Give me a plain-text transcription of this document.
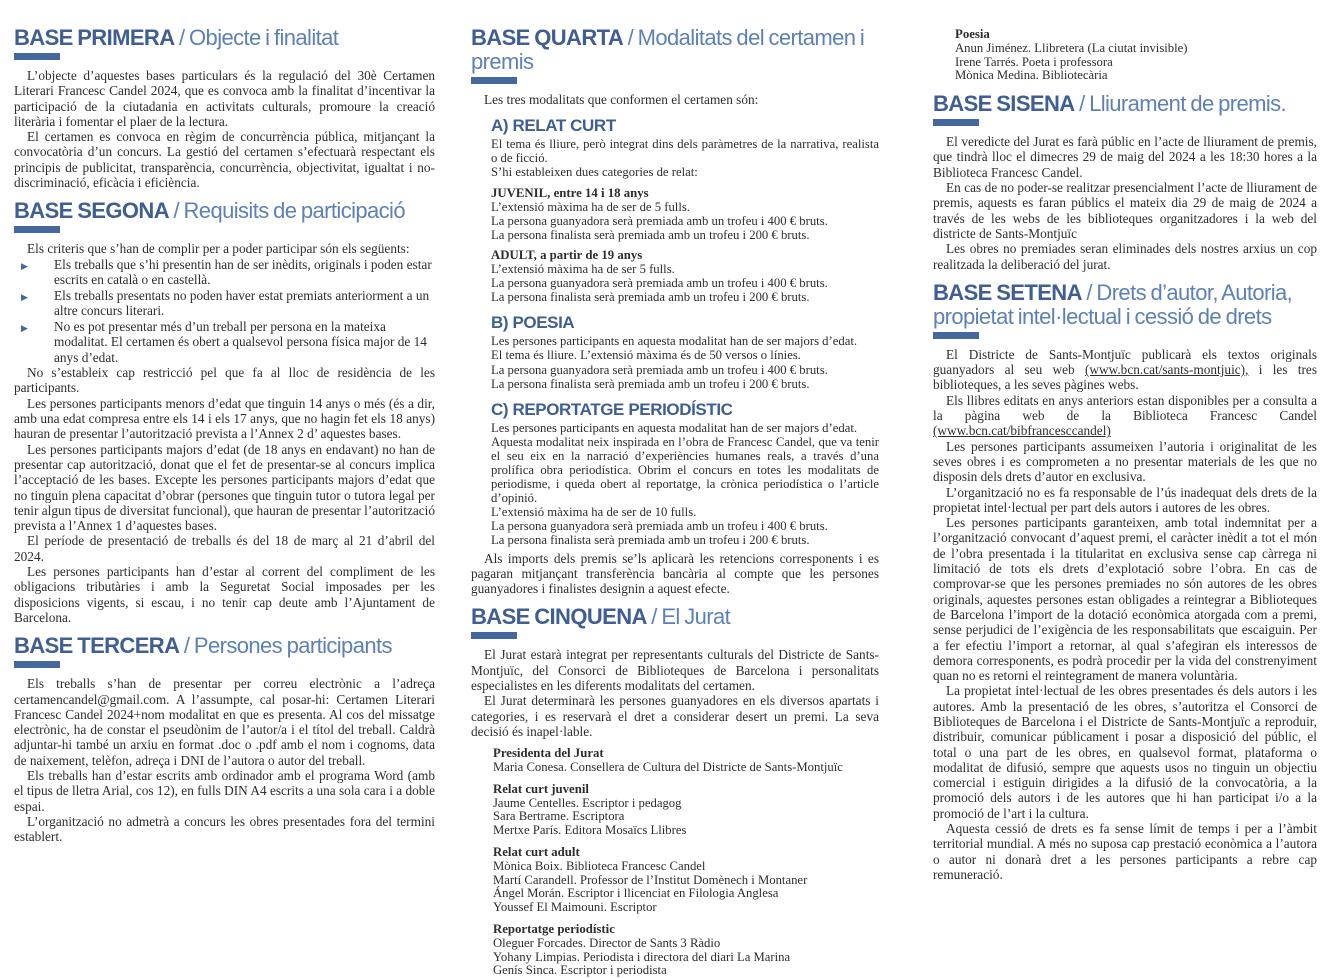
BASE PRIMERA / Objecte i finalitat

L’objecte d’aquestes bases particulars és la regulació del 30è Certamen Literari Francesc Candel 2024, que es convoca amb la finalitat d’incentivar la participació de la ciutadania en activitats culturals, promoure la creació literària i fomentar el plaer de la lectura.

El certamen es convoca en règim de concurrència pública, mitjançant la convocatòria d’un concurs. La gestió del certamen s’efectuarà respectant els principis de publicitat, transparència, concurrència, objectivitat, igualtat i no-discriminació, eficàcia i eficiència.

BASE SEGONA / Requisits de participació

Els criteris que s’han de complir per a poder participar són els següents:

▶	Els treballs que s’hi presentin han de ser inèdits, originals i poden estar escrits en català o en castellà.
▶	Els treballs presentats no poden haver estat premiats anteriorment a un altre concurs literari.
▶	No es pot presentar més d’un treball per persona en la mateixa modalitat. El certamen és obert a qualsevol persona física major de 14 anys d’edat.

No s’estableix cap restricció pel que fa al lloc de residència de les participants.

Les persones participants menors d’edat que tinguin 14 anys o més (és a dir, amb una edat compresa entre els 14 i els 17 anys, que no hagin fet els 18 anys) hauran de presentar l’autorització prevista a l’Annex 2 d’ aquestes bases.

Les persones participants majors d’edat (de 18 anys en endavant) no han de presentar cap autorització, donat que el fet de presentar-se al concurs implica l’acceptació de les bases. Excepte les persones participants majors d’edat que no tinguin plena capacitat d’obrar (persones que tinguin tutor o tutora legal per tenir algun tipus de diversitat funcional), que hauran de presentar l’autorització prevista a l’Annex 1 d’aquestes bases.

El període de presentació de treballs és del 18 de març al 21 d’abril del 2024.

Les persones participants han d’estar al corrent del compliment de les obligacions tributàries i amb la Seguretat Social imposades per les disposicions vigents, si escau, i no tenir cap deute amb l’Ajuntament de Barcelona.

BASE TERCERA / Persones participants

Els treballs s’han de presentar per correu electrònic a l’adreça certamencandel@gmail.com. A l’assumpte, cal posar-hi: Certamen Literari Francesc Candel 2024+nom modalitat en que es presenta. Al cos del missatge electrònic, ha de constar el pseudònim de l’autor/a i el títol del treball. Caldrà adjuntar-hi també un arxiu en format .doc o .pdf amb el nom i cognoms, data de naixement, telèfon, adreça i DNI de l’autora o autor del treball.

Els treballs han d’estar escrits amb ordinador amb el programa Word (amb el tipus de lletra Arial, cos 12), en fulls DIN A4 escrits a una sola cara i a doble espai.

L’organització no admetrà a concurs les obres presentades fora del termini establert.

BASE QUARTA / Modalitats del certamen i premis

Les tres modalitats que conformen el certamen són:

A) RELAT CURT

El tema és lliure, però integrat dins dels paràmetres de la narrativa, realista o de ficció.

S’hi estableixen dues categories de relat:

JUVENIL, entre 14 i 18 anys

L’extensió màxima ha de ser de 5 fulls.

La persona guanyadora serà premiada amb un trofeu i 400 € bruts.

La persona finalista serà premiada amb un trofeu i 200 € bruts.

ADULT, a partir de 19 anys

L’extensió màxima ha de ser 5 fulls.

La persona guanyadora serà premiada amb un trofeu i 400 € bruts.

La persona finalista serà premiada amb un trofeu i 200 € bruts.

B) POESIA

Les persones participants en aquesta modalitat han de ser majors d’edat.

El tema és lliure. L’extensió màxima és de 50 versos o línies.

La persona guanyadora serà premiada amb un trofeu i 400 € bruts.

La persona finalista serà premiada amb un trofeu i 200 € bruts.

C) REPORTATGE PERIODÍSTIC

Les persones participants en aquesta modalitat han de ser majors d’edat.

Aquesta modalitat neix inspirada en l’obra de Francesc Candel, que va tenir el seu eix en la narració d’experiències humanes reals, a través d’una prolífica obra periodística. Obrim el concurs en totes les modalitats de periodisme, i queda obert al reportatge, la crònica periodística o l’article d’opinió.

L’extensió màxima ha de ser de 10 fulls.

La persona guanyadora serà premiada amb un trofeu i 400 € bruts.

La persona finalista serà premiada amb un trofeu i 200 € bruts.

Als imports dels premis se’ls aplicarà les retencions corresponents i es pagaran mitjançant transferència bancària al compte que les persones guanyadores i finalistes designin a aquest efecte.

BASE CINQUENA / El Jurat

El Jurat estarà integrat per representants culturals del Districte de Sants-Montjuïc, del Consorci de Biblioteques de Barcelona i personalitats especialistes en les diferents modalitats del certamen.

El Jurat determinarà les persones guanyadores en els diversos apartats i categories, i es reservarà el dret a considerar desert un premi. La seva decisió és inapel·lable.

Presidenta del Jurat
Maria Conesa. Consellera de Cultura del Districte de Sants-Montjuïc
Relat curt juvenil
Jaume Centelles. Escriptor i pedagog
Sara Bertrame. Escriptora
Mertxe París. Editora Mosaïcs Llibres
Relat curt adult
Mònica Boix. Biblioteca Francesc Candel
Martí Carandell. Professor de l’Institut Domènech i Montaner
Ángel Morán. Escriptor i llicenciat en Filologia Anglesa
Youssef El Maimouni. Escriptor
Reportatge periodístic
Oleguer Forcades. Director de Sants 3 Ràdio
Yohany Limpias. Periodista i directora del diari La Marina
Genís Sinca. Escriptor i periodista
Poesia
Anun Jiménez. Llibretera (La ciutat invisible)
Irene Tarrés. Poeta i professora
Mònica Medina. Bibliotecària
BASE SISENA / Lliurament de premis.

El veredicte del Jurat es farà públic en l’acte de lliurament de premis, que tindrà lloc el dimecres 29 de maig del 2024 a les 18:30 hores a la Biblioteca Francesc Candel.

En cas de no poder-se realitzar presencialment l’acte de lliurament de premis, aquests es faran públics el mateix dia 29 de maig de 2024 a través de les webs de les biblioteques organitzadores i la web del districte de Sants-Montjuïc

Les obres no premiades seran eliminades dels nostres arxius un cop realitzada la deliberació del jurat.

BASE SETENA / Drets d’autor, Autoria, propietat intel·lectual i cessió de drets

El Districte de Sants-Montjuïc publicarà els textos originals guanyadors al seu web (www.bcn.cat/sants-montjuic), i les tres biblioteques, a les seves pàgines webs.

Els llibres editats en anys anteriors estan disponibles per a consulta a la pàgina web de la Biblioteca Francesc Candel (www.bcn.cat/bibfrancesccandel)

Les persones participants assumeixen l’autoria i originalitat de les seves obres i es comprometen a no presentar materials de les que no disposin dels drets d’autor en exclusiva.

L’organització no es fa responsable de l’ús inadequat dels drets de la propietat intel·lectual per part dels autors i autores de les obres.

Les persones participants garanteixen, amb total indemnitat per a l’organització convocant d’aquest premi, el caràcter inèdit a tot el món de l’obra presentada i la titularitat en exclusiva sense cap càrrega ni limitació de tots els drets d’explotació sobre l’obra. En cas de comprovar-se que les persones premiades no són autores de les obres originals, aquestes persones estan obligades a reintegrar a Biblioteques de Barcelona l’import de la dotació econòmica atorgada com a premi, sense perjudici de l’exigència de les responsabilitats que escaiguin. Per a fer efectiu l’import a retornar, al qual s’afegiran els interessos de demora corresponents, es podrà procedir per la vida del constrenyiment quan no es retorni el reintegrament de manera voluntària.

La propietat intel·lectual de les obres presentades és dels autors i les autores. Amb la presentació de les obres, s’autoritza el Consorci de Biblioteques de Barcelona i el Districte de Sants-Montjuïc a reproduir, distribuir, comunicar públicament i posar a disposició del públic, el total o una part de les obres, en qualsevol format, plataforma o modalitat de difusió, sempre que aquests usos no tinguin un objectiu comercial i estiguin dirigides a la difusió de la convocatòria, a la promoció dels autors i de les autores que hi han participat i/o a la promoció de l’art i la cultura.

Aquesta cessió de drets es fa sense límit de temps i per a l’àmbit territorial mundial. A més no suposa cap prestació econòmica a l’autora o autor ni donarà dret a les persones participants a rebre cap remuneració.
